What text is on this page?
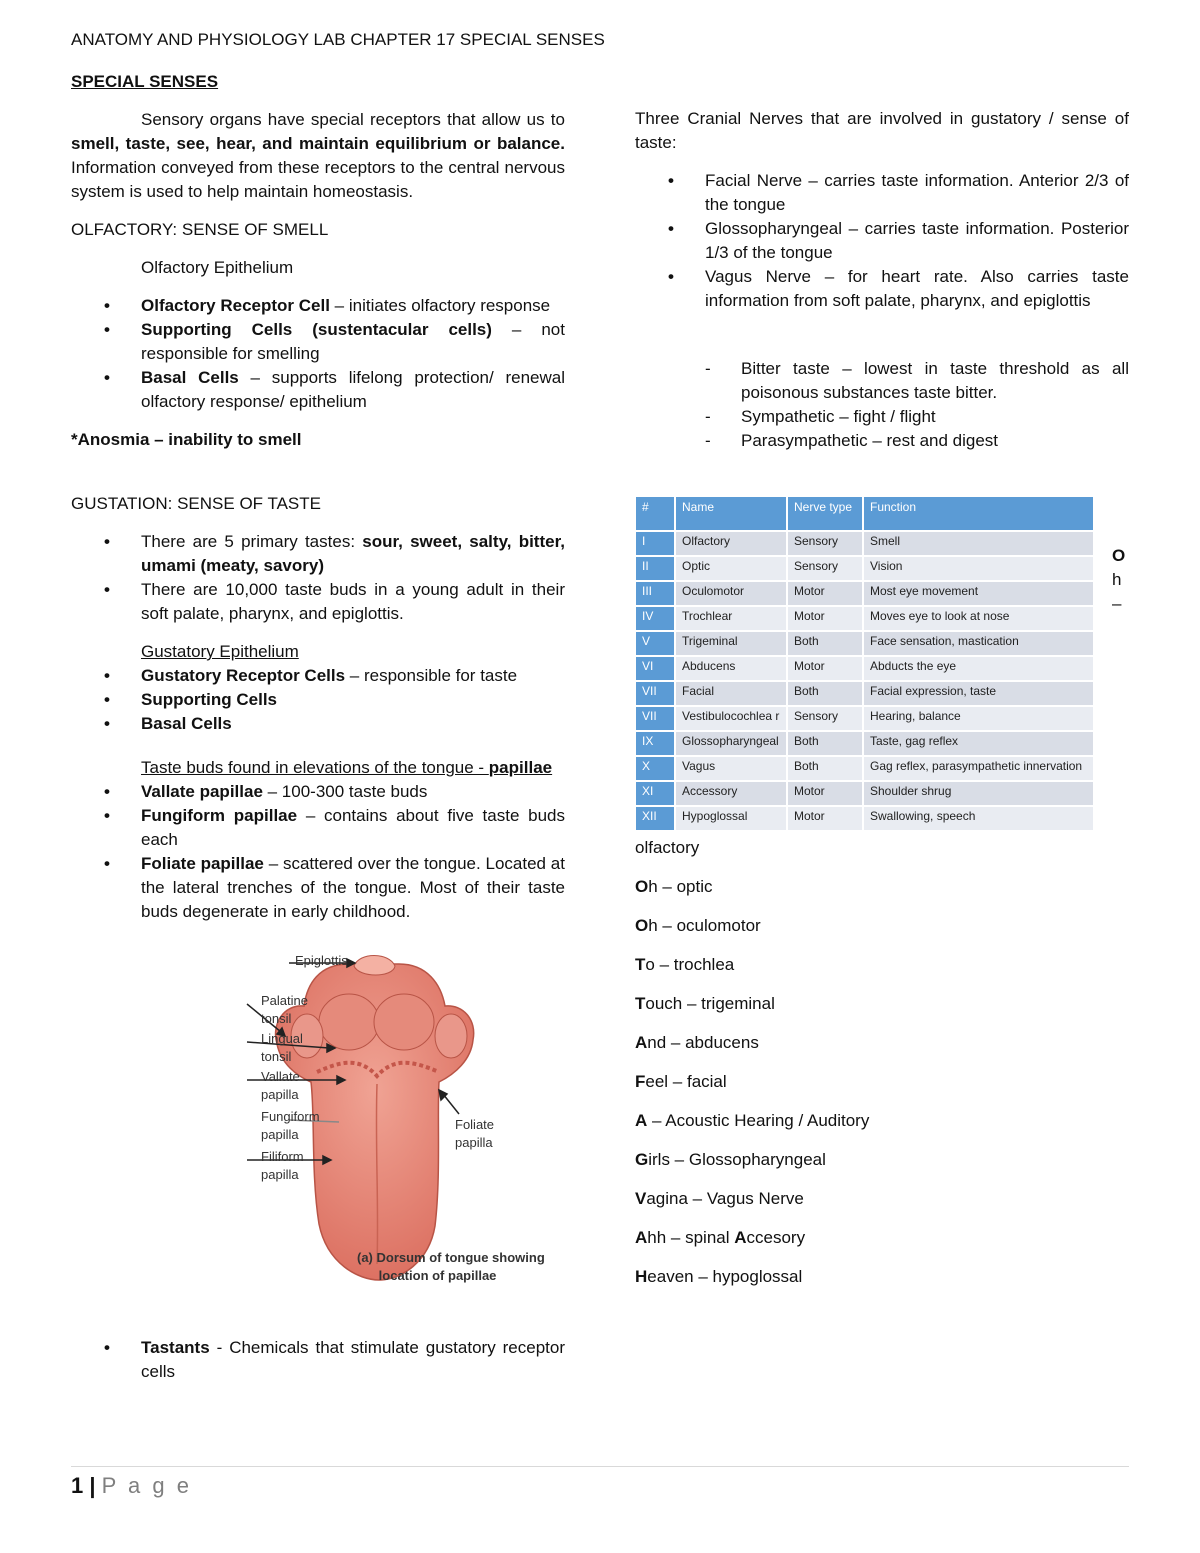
ANATOMY AND PHYSIOLOGY LAB CHAPTER 17 SPECIAL SENSES
SPECIAL SENSES
Sensory organs have special receptors that allow us to smell, taste, see, hear, and maintain equilibrium or balance. Information conveyed from these receptors to the central nervous system is used to help maintain homeostasis.
OLFACTORY: SENSE OF SMELL
Olfactory Epithelium
• Olfactory Receptor Cell – initiates olfactory response
• Supporting Cells (sustentacular cells) – not responsible for smelling
• Basal Cells – supports lifelong protection/ renewal olfactory response/ epithelium
*Anosmia – inability to smell
GUSTATION: SENSE OF TASTE
• There are 5 primary tastes: sour, sweet, salty, bitter, umami (meaty, savory)
• There are 10,000 taste buds in a young adult in their soft palate, pharynx, and epiglottis.
Gustatory Epithelium
• Gustatory Receptor Cells – responsible for taste
• Supporting Cells
• Basal Cells
Taste buds found in elevations of the tongue - papillae
• Vallate papillae – 100-300 taste buds
• Fungiform papillae – contains about five taste buds each
• Foliate papillae – scattered over the tongue. Located at the lateral trenches of the tongue. Most of their taste buds degenerate in early childhood.
Epiglottis
Palatine
tonsil
Lingual
tonsil
Vallate
papilla
Fungiform
papilla
Filiform
papilla
Foliate
papilla
(a) Dorsum of tongue showing
location of papillae
• Tastants - Chemicals that stimulate gustatory receptor cells
Three Cranial Nerves that are involved in gustatory / sense of taste:
• Facial Nerve – carries taste information. Anterior 2/3 of the tongue
• Glossopharyngeal – carries taste information. Posterior 1/3 of the tongue
• Vagus Nerve – for heart rate. Also carries taste information from soft palate, pharynx, and epiglottis
- Bitter taste – lowest in taste threshold as all poisonous substances taste bitter.
- Sympathetic – fight / flight
- Parasympathetic – rest and digest
#	Name	Nerve type	Function
I	Olfactory	Sensory	Smell
II	Optic	Sensory	Vision
III	Oculomotor	Motor	Most eye movement
IV	Trochlear	Motor	Moves eye to look at nose
V	Trigeminal	Both	Face sensation, mastication
VI	Abducens	Motor	Abducts the eye
VII	Facial	Both	Facial expression, taste
VII	Vestibulocochlea r	Sensory	Hearing, balance
IX	Glossopharyngeal	Both	Taste, gag reflex
X	Vagus	Both	Gag reflex, parasympathetic innervation
XI	Accessory	Motor	Shoulder shrug
XII	Hypoglossal	Motor	Swallowing, speech
O
h
–
olfactory
Oh – optic
Oh – oculomotor
To – trochlea
Touch – trigeminal
And – abducens
Feel – facial
A – Acoustic Hearing / Auditory
Girls – Glossopharyngeal
Vagina – Vagus Nerve
Ahh – spinal Accesory
Heaven – hypoglossal
1 | P a g e
